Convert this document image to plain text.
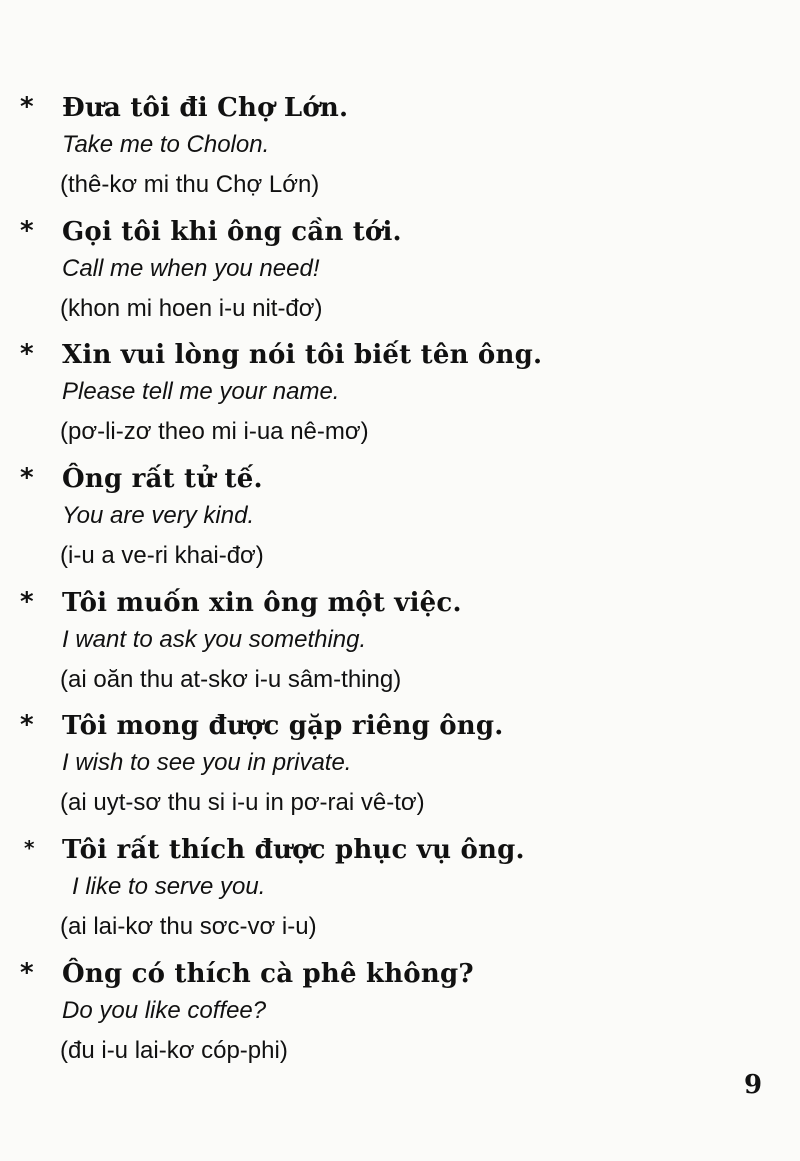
* Đưa tôi đi Chợ Lớn.
Take me to Cholon.
(thê-kơ mi thu Chợ Lớn)
* Gọi tôi khi ông cần tới.
Call me when you need!
(khon mi hoen i-u nit-đơ)
* Xin vui lòng nói tôi biết tên ông.
Please tell me your name.
(pơ-li-zơ theo mi i-ua nê-mơ)
* Ông rất tử tế.
You are very kind.
(i-u a ve-ri khai-đơ)
* Tôi muốn xin ông một việc.
I want to ask you something.
(ai oăn thu at-skơ i-u sâm-thing)
* Tôi mong được gặp riêng ông.
I wish to see you in private.
(ai uyt-sơ thu si i-u in pơ-rai vê-tơ)
* Tôi rất thích được phục vụ ông.
I like to serve you.
(ai lai-kơ thu sơc-vơ i-u)
* Ông có thích cà phê không?
Do you like coffee?
(đu i-u lai-kơ cóp-phi)
9
